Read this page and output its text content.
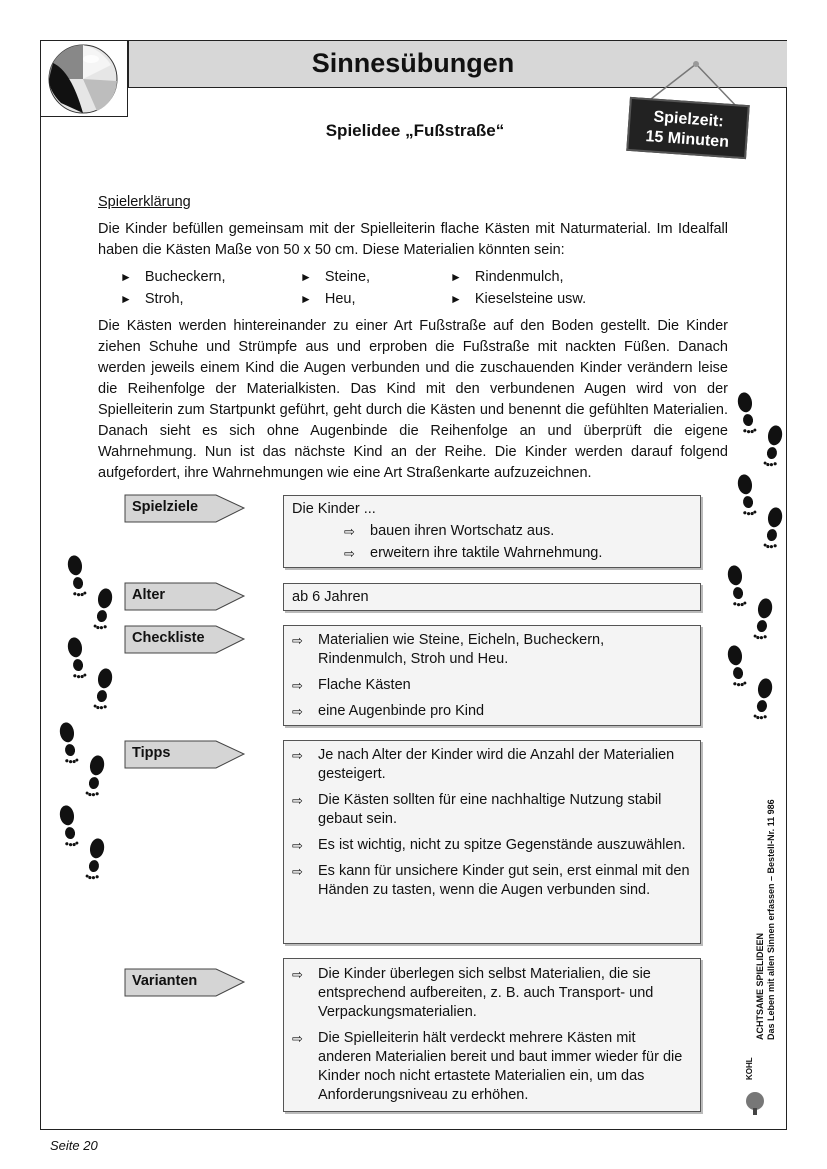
Sinnesübungen
Spielidee „Fußstraße“
Spielzeit:
15 Minuten
Spielerklärung

Die Kinder befüllen gemeinsam mit der Spielleiterin flache Kästen mit Naturmaterial. Im Idealfall haben die Kästen Maße von 50 x 50 cm. Diese Materialien könnten sein:

► Bucheckern,	► Steine,	► Rindenmulch,
► Stroh,	► Heu,	► Kieselsteine usw.

Die Kästen werden hintereinander zu einer Art Fußstraße auf den Boden gestellt. Die Kinder ziehen Schuhe und Strümpfe aus und erproben die Fußstraße mit nackten Füßen. Danach werden jeweils einem Kind die Augen verbunden und die zuschauenden Kinder verändern leise die Reihenfolge der Materialkisten. Das Kind mit den verbundenen Augen wird von der Spielleiterin zum Startpunkt geführt, geht durch die Kästen und benennt die gefühlten Materialien. Danach sieht es sich ohne Augenbinde die Reihenfolge an und überprüft die eigene Wahrnehmung. Nun ist das nächste Kind an der Reihe. Die Kinder werden darauf folgend aufgefordert, ihre Wahrnehmungen wie eine Art Straßenkarte aufzuzeichnen.

Spielziele	Die Kinder ...
⇨	bauen ihren Wortschatz aus.
⇨	erweitern ihre taktile Wahrnehmung.
Alter	ab 6 Jahren
Checkliste	⇨	Materialien wie Steine, Eicheln, Bucheckern, Rindenmulch, Stroh und Heu.
⇨	Flache Kästen
⇨	eine Augenbinde pro Kind
Tipps	⇨	Je nach Alter der Kinder wird die Anzahl der Materialien gesteigert.
⇨	Die Kästen sollten für eine nachhaltige Nutzung stabil gebaut sein.
⇨	Es ist wichtig, nicht zu spitze Gegenstände auszuwählen.
⇨	Es kann für unsichere Kinder gut sein, erst einmal mit den Händen zu tasten, wenn die Augen verbunden sind.
Varianten	⇨	Die Kinder überlegen sich selbst Materialien, die sie entsprechend aufbereiten, z. B. auch Transport- und Verpackungsmaterialien.
⇨	Die Spielleiterin hält verdeckt mehrere Kästen mit anderen Materialien bereit und baut immer wieder für die Kinder noch nicht ertastete Materialien ein, um das Anforderungsniveau zu erhöhen.
ACHTSAME SPIELIDEEN Das Leben mit allen Sinnen erfassen – Bestell-Nr. 11 986
KOHL
Seite 20
